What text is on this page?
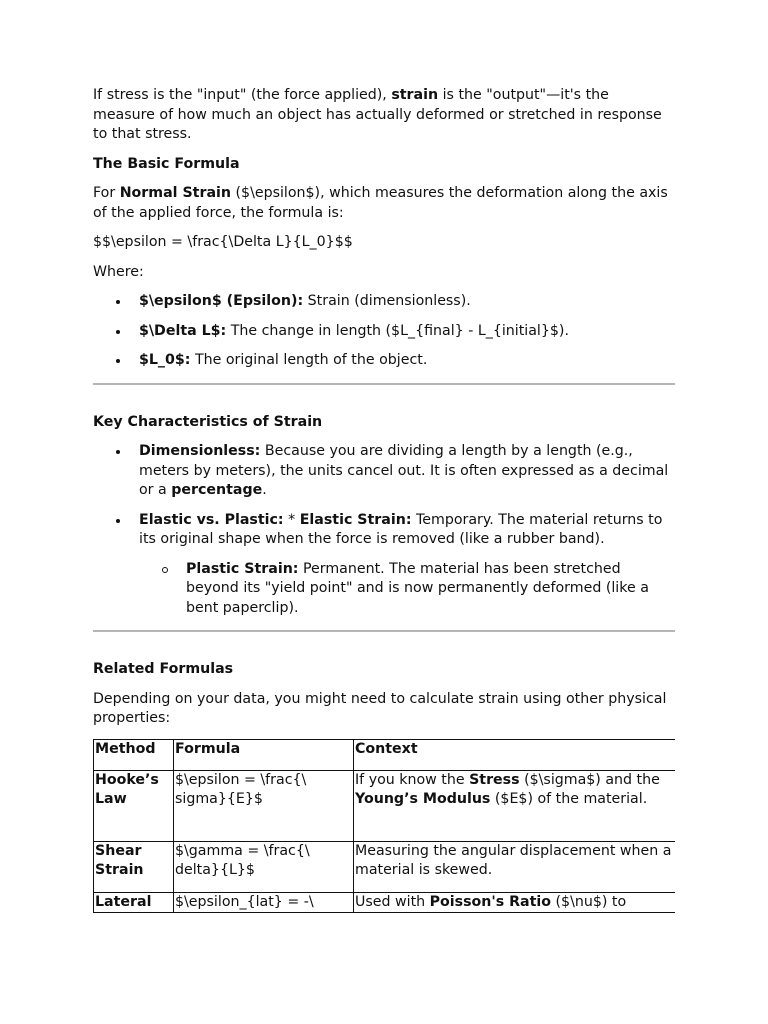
If stress is the "input" (the force applied), strain is the "output"—it's the measure of how much an object has actually deformed or stretched in response to that stress.

The Basic Formula

For Normal Strain ($\epsilon$), which measures the deformation along the axis of the applied force, the formula is:

$$\epsilon = \frac{\Delta L}{L_0}$$

Where:

$\epsilon$ (Epsilon): Strain (dimensionless).
$\Delta L$: The change in length ($L_{final} - L_{initial}$).
$L_0$: The original length of the object.

Key Characteristics of Strain

Dimensionless: Because you are dividing a length by a length (e.g., meters by meters), the units cancel out. It is often expressed as a decimal or a percentage.
Elastic vs. Plastic: * Elastic Strain: Temporary. The material returns to its original shape when the force is removed (like a rubber band).
Plastic Strain: Permanent. The material has been stretched beyond its "yield point" and is now permanently deformed (like a bent paperclip).

Related Formulas

Depending on your data, you might need to calculate strain using other physical properties:

Method	Formula	Context
Hooke’s Law	$\epsilon = \frac{\ sigma}{E}$	If you know the Stress ($\sigma$) and the Young’s Modulus ($E$) of the material.
Shear Strain	$\gamma = \frac{\ delta}{L}$	Measuring the angular displacement when a material is skewed.
Lateral	$\epsilon_{lat} = -\	Used with Poisson's Ratio ($\nu$) to
